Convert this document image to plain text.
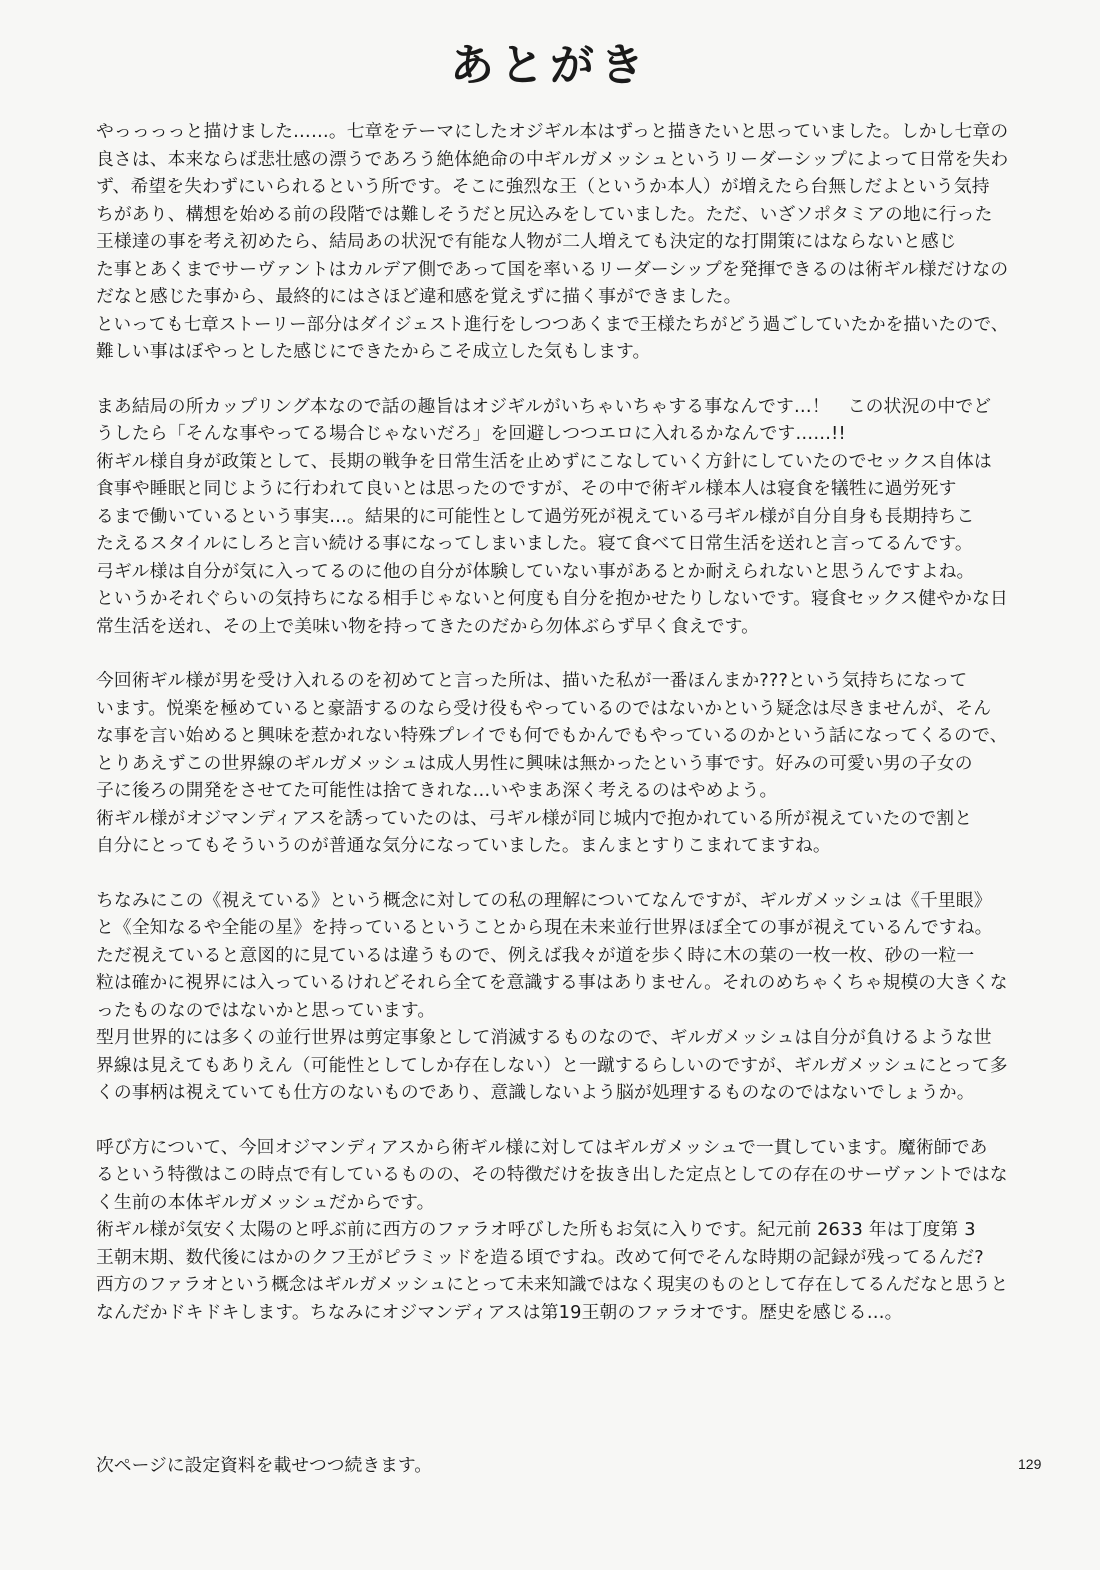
あとがき
やっっっっと描けました……。七章をテーマにしたオジギル本はずっと描きたいと思っていました。しかし七章の
良さは、本来ならば悲壮感の漂うであろう絶体絶命の中ギルガメッシュというリーダーシップによって日常を失わ
ず、希望を失わずにいられるという所です。そこに強烈な王（というか本人）が増えたら台無しだよという気持
ちがあり、構想を始める前の段階では難しそうだと尻込みをしていました。ただ、いざソポタミアの地に行った
王様達の事を考え初めたら、結局あの状況で有能な人物が二人増えても決定的な打開策にはならないと感じ
た事とあくまでサーヴァントはカルデア側であって国を率いるリーダーシップを発揮できるのは術ギル様だけなの
だなと感じた事から、最終的にはさほど違和感を覚えずに描く事ができました。
といっても七章ストーリー部分はダイジェスト進行をしつつあくまで王様たちがどう過ごしていたかを描いたので、
難しい事はぼやっとした感じにできたからこそ成立した気もします。
まあ結局の所カップリング本なので話の趣旨はオジギルがいちゃいちゃする事なんです…！　この状況の中でど
うしたら「そんな事やってる場合じゃないだろ」を回避しつつエロに入れるかなんです……!!
術ギル様自身が政策として、長期の戦争を日常生活を止めずにこなしていく方針にしていたのでセックス自体は
食事や睡眠と同じように行われて良いとは思ったのですが、その中で術ギル様本人は寝食を犠牲に過労死す
るまで働いているという事実…。結果的に可能性として過労死が視えている弓ギル様が自分自身も長期持ちこ
たえるスタイルにしろと言い続ける事になってしまいました。寝て食べて日常生活を送れと言ってるんです。
弓ギル様は自分が気に入ってるのに他の自分が体験していない事があるとか耐えられないと思うんですよね。
というかそれぐらいの気持ちになる相手じゃないと何度も自分を抱かせたりしないです。寝食セックス健やかな日
常生活を送れ、その上で美味い物を持ってきたのだから勿体ぶらず早く食えです。
今回術ギル様が男を受け入れるのを初めてと言った所は、描いた私が一番ほんまか???という気持ちになって
います。悦楽を極めていると豪語するのなら受け役もやっているのではないかという疑念は尽きませんが、そん
な事を言い始めると興味を惹かれない特殊プレイでも何でもかんでもやっているのかという話になってくるので、
とりあえずこの世界線のギルガメッシュは成人男性に興味は無かったという事です。好みの可愛い男の子女の
子に後ろの開発をさせてた可能性は捨てきれな…いやまあ深く考えるのはやめよう。
術ギル様がオジマンディアスを誘っていたのは、弓ギル様が同じ城内で抱かれている所が視えていたので割と
自分にとってもそういうのが普通な気分になっていました。まんまとすりこまれてますね。
ちなみにこの《視えている》という概念に対しての私の理解についてなんですが、ギルガメッシュは《千里眼》
と《全知なるや全能の星》を持っているということから現在未来並行世界ほぼ全ての事が視えているんですね。
ただ視えていると意図的に見ているは違うもので、例えば我々が道を歩く時に木の葉の一枚一枚、砂の一粒一
粒は確かに視界には入っているけれどそれら全てを意識する事はありません。それのめちゃくちゃ規模の大きくな
ったものなのではないかと思っています。
型月世界的には多くの並行世界は剪定事象として消滅するものなので、ギルガメッシュは自分が負けるような世
界線は見えてもありえん（可能性としてしか存在しない）と一蹴するらしいのですが、ギルガメッシュにとって多
くの事柄は視えていても仕方のないものであり、意識しないよう脳が処理するものなのではないでしょうか。
呼び方について、今回オジマンディアスから術ギル様に対してはギルガメッシュで一貫しています。魔術師であ
るという特徴はこの時点で有しているものの、その特徴だけを抜き出した定点としての存在のサーヴァントではな
く生前の本体ギルガメッシュだからです。
術ギル様が気安く太陽のと呼ぶ前に西方のファラオ呼びした所もお気に入りです。紀元前 2633 年は丁度第 3
王朝末期、数代後にはかのクフ王がピラミッドを造る頃ですね。改めて何でそんな時期の記録が残ってるんだ?
西方のファラオという概念はギルガメッシュにとって未来知識ではなく現実のものとして存在してるんだなと思うと
なんだかドキドキします。ちなみにオジマンディアスは第19王朝のファラオです。歴史を感じる…。
次ページに設定資料を載せつつ続きます。	129
